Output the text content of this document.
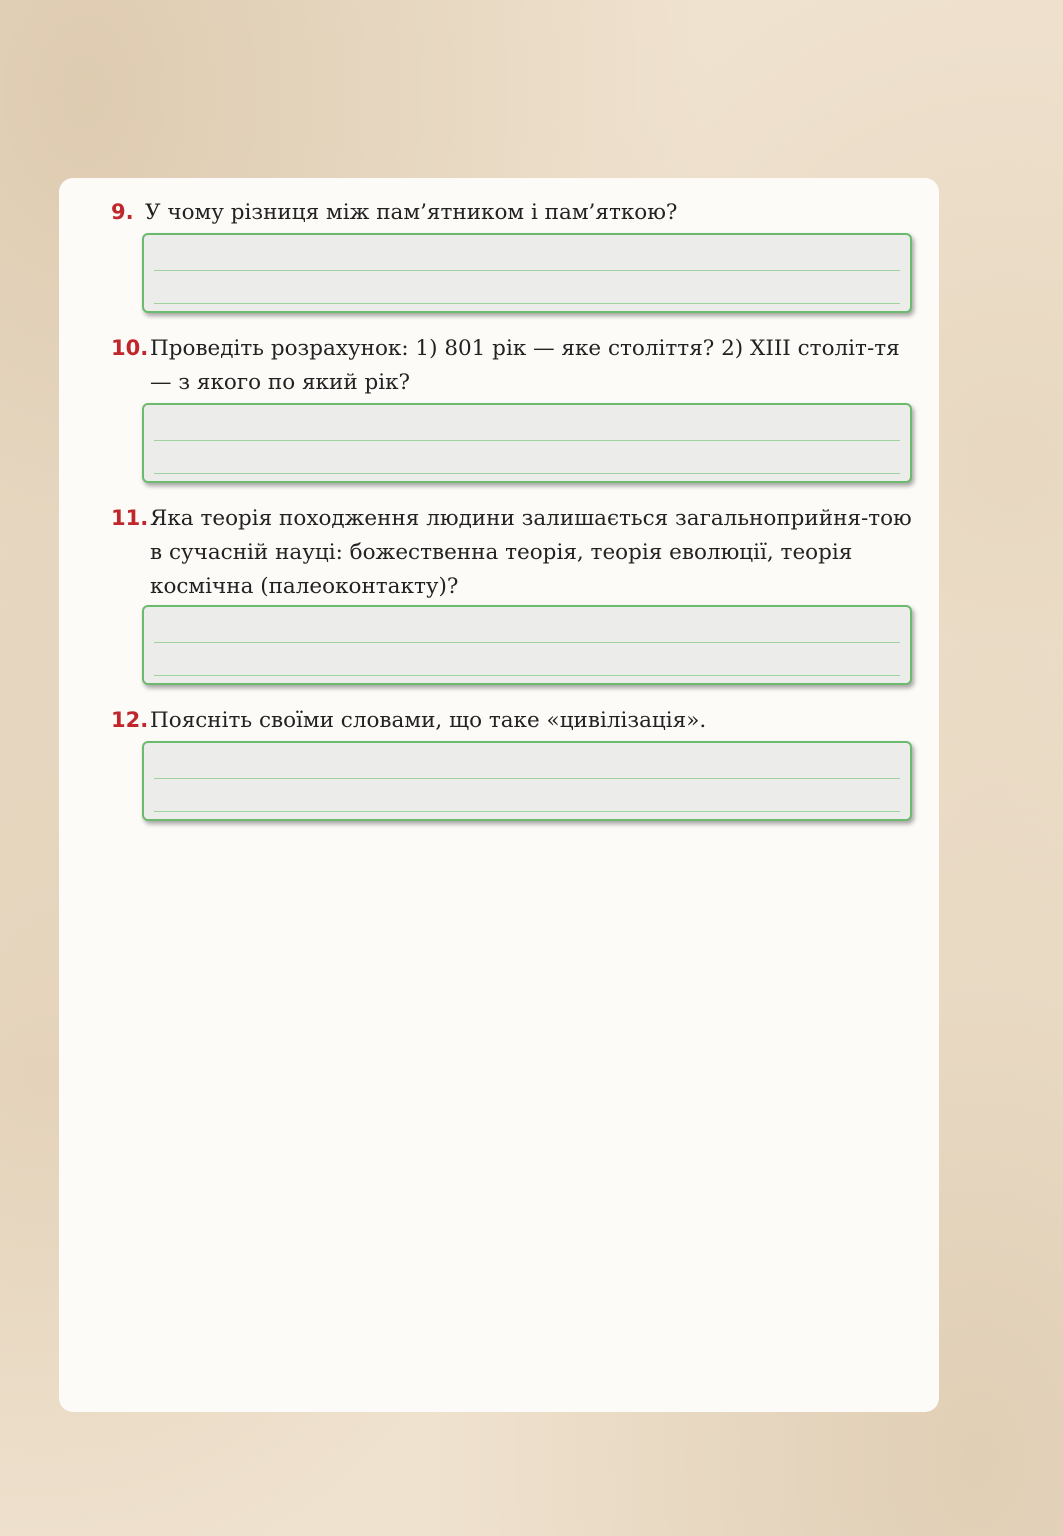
9. У чому різниця між пам’ятником і пам’яткою?
10.Проведіть розрахунок: 1) 801 рік — яке століття? 2) XIII століт-тя — з якого по який рік?
11.Яка теорія походження людини залишається загальноприйня-тою в сучасній науці: божественна теорія, теорія еволюції, теорія космічна (палеоконтакту)?
12.Поясніть своїми словами, що таке «цивілізація».
